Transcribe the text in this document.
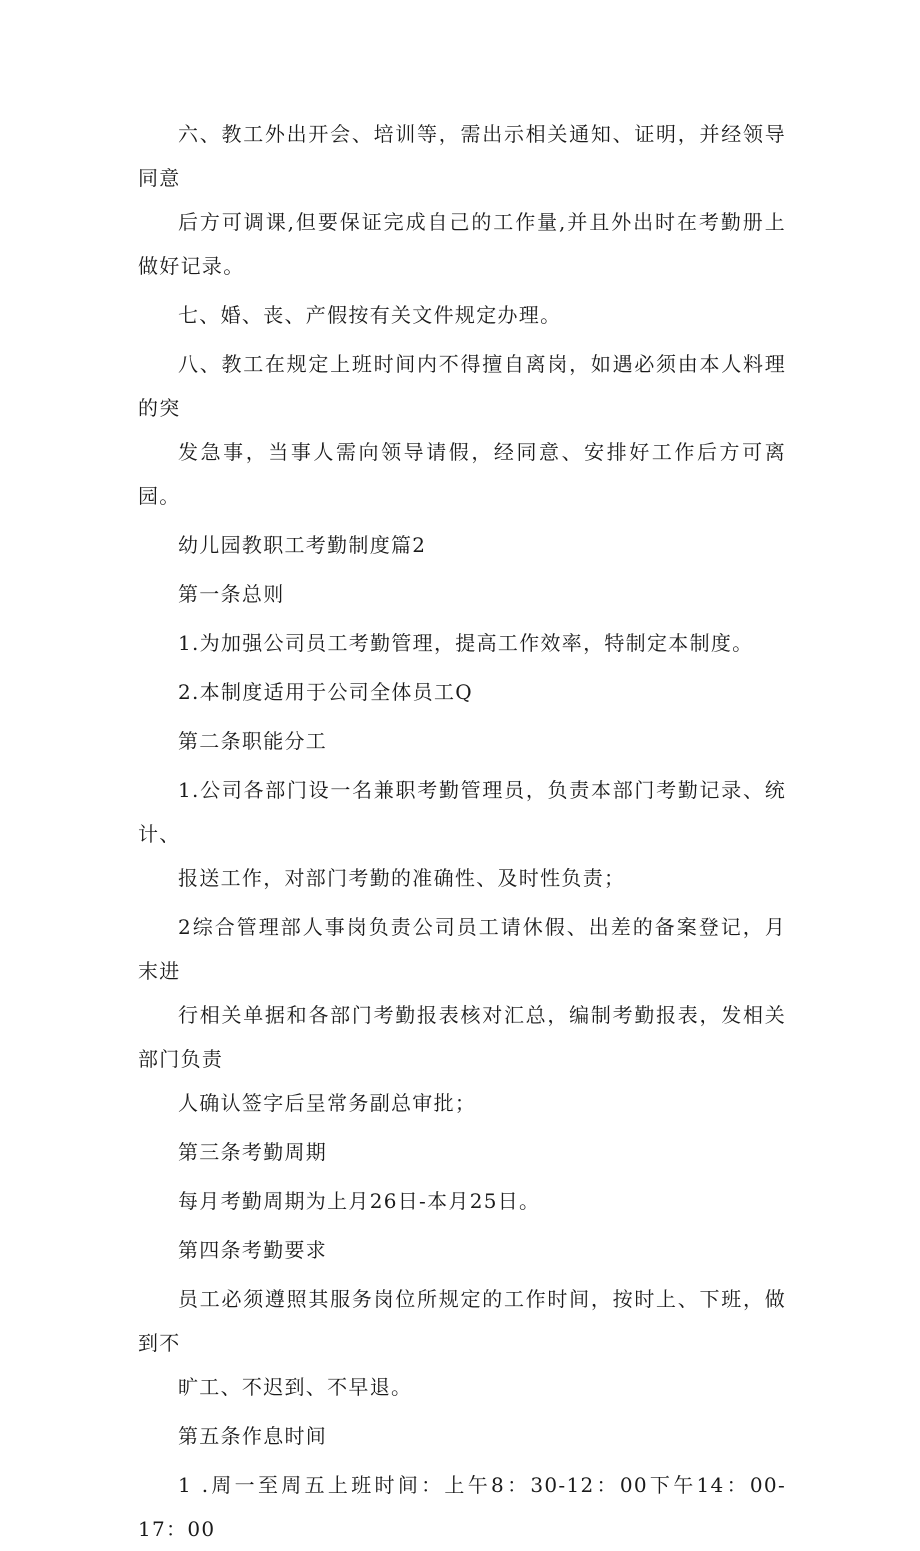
六、教工外出开会、培训等，需出示相关通知、证明，并经领导同意
后方可调课,但要保证完成自己的工作量,并且外出时在考勤册上做好记录。

七、婚、丧、产假按有关文件规定办理。

八、教工在规定上班时间内不得擅自离岗，如遇必须由本人料理的突
发急事，当事人需向领导请假，经同意、安排好工作后方可离园。

幼儿园教职工考勤制度篇2

第一条总则

1.为加强公司员工考勤管理，提高工作效率，特制定本制度。

2.本制度适用于公司全体员工Q

第二条职能分工

1.公司各部门设一名兼职考勤管理员，负责本部门考勤记录、统计、
报送工作，对部门考勤的准确性、及时性负责；

2综合管理部人事岗负责公司员工请休假、出差的备案登记，月末进
行相关单据和各部门考勤报表核对汇总，编制考勤报表，发相关部门负责
人确认签字后呈常务副总审批；

第三条考勤周期

每月考勤周期为上月26日-本月25日。

第四条考勤要求

员工必须遵照其服务岗位所规定的工作时间，按时上、下班，做到不
旷工、不迟到、不早退。

第五条作息时间

1 .周一至周五上班时间：上午8：30-12：00下午14：00-17：00
